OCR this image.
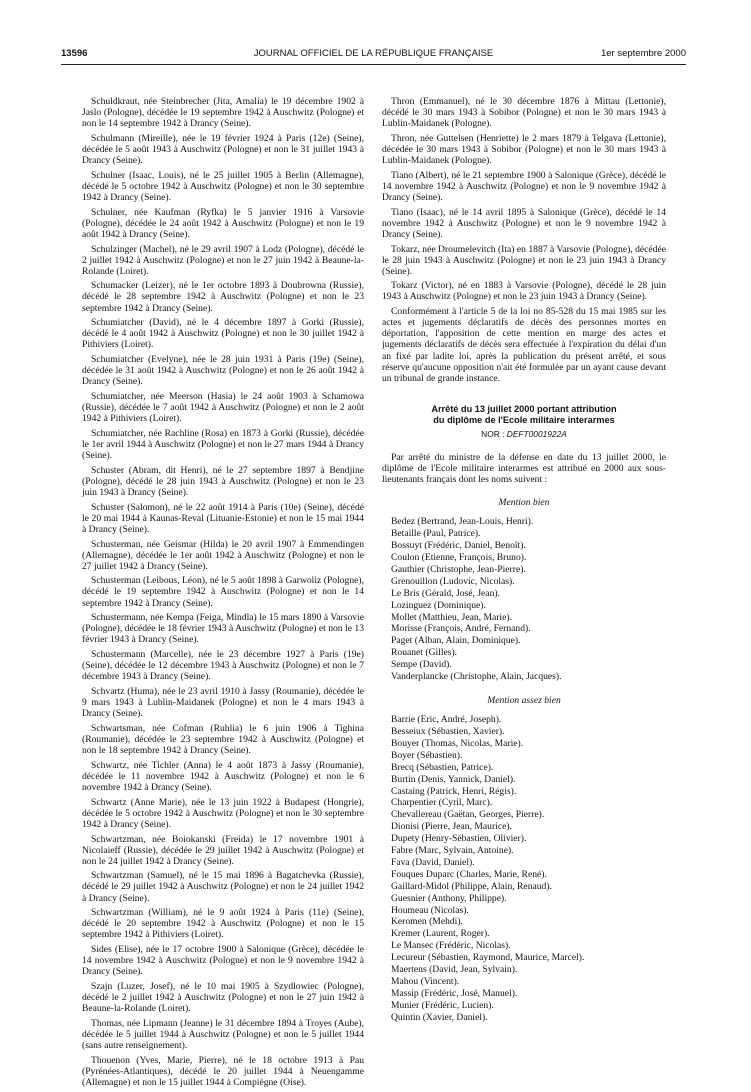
13596	JOURNAL OFFICIEL DE LA RÉPUBLIQUE FRANÇAISE	1er septembre 2000
Schuldkraut, née Steinbrecher (Jita, Amalia) le 19 décembre 1902 à Jaslo (Pologne), décédée le 19 septembre 1942 à Auschwitz (Pologne) et non le 14 septembre 1942 à Drancy (Seine).
Schulmann (Mireille), née le 19 février 1924 à Paris (12e) (Seine), décédée le 5 août 1943 à Auschwitz (Pologne) et non le 31 juillet 1943 à Drancy (Seine).
Schulner (Isaac, Louis), né le 25 juillet 1905 à Berlin (Allemagne), décédé le 5 octobre 1942 à Auschwitz (Pologne) et non le 30 septembre 1942 à Drancy (Seine).
Schulner, née Kaufman (Ryfka) le 5 janvier 1916 à Varsovie (Pologne), décédée le 24 août 1942 à Auschwitz (Pologne) et non le 19 août 1942 à Drancy (Seine).
Schulzinger (Machel), né le 29 avril 1907 à Lodz (Pologne), décédé le 2 juillet 1942 à Auschwitz (Pologne) et non le 27 juin 1942 à Beaune-la-Rolande (Loiret).
Schumacker (Leizer), né le 1er octobre 1893 à Doubrowna (Russie), décédé le 28 septembre 1942 à Auschwitz (Pologne) et non le 23 septembre 1942 à Drancy (Seine).
Schumiatcher (David), né le 4 décembre 1897 à Gorki (Russie), décédé le 4 août 1942 à Auschwitz (Pologne) et non le 30 juillet 1942 à Pithiviers (Loiret).
Schumiatcher (Evelyne), née le 28 juin 1931 à Paris (19e) (Seine), décédée le 31 août 1942 à Auschwitz (Pologne) et non le 26 août 1942 à Drancy (Seine).
Schumiatcher, née Meerson (Hasia) le 24 août 1903 à Schamowa (Russie), décédée le 7 août 1942 à Auschwitz (Pologne) et non le 2 août 1942 à Pithiviers (Loiret).
Schumiatcher, née Rachline (Rosa) en 1873 à Gorki (Russie), décédée le 1er avril 1944 à Auschwitz (Pologne) et non le 27 mars 1944 à Drancy (Seine).
Schuster (Abram, dit Henri), né le 27 septembre 1897 à Bendjine (Pologne), décédé le 28 juin 1943 à Auschwitz (Pologne) et non le 23 juin 1943 à Drancy (Seine).
Schuster (Salomon), né le 22 août 1914 à Paris (10e) (Seine), décédé le 20 mai 1944 à Kaunas-Reval (Lituanie-Estonie) et non le 15 mai 1944 à Drancy (Seine).
Schusterman, née Geismar (Hilda) le 20 avril 1907 à Emmendingen (Allemagne), décédée le 1er août 1942 à Auschwitz (Pologne) et non le 27 juillet 1942 à Drancy (Seine).
Schusterman (Leibous, Léon), né le 5 août 1898 à Garwoliz (Pologne), décédé le 19 septembre 1942 à Auschwitz (Pologne) et non le 14 septembre 1942 à Drancy (Seine).
Schustermann, née Kempa (Feiga, Mindla) le 15 mars 1890 à Varsovie (Pologne), décédée le 18 février 1943 à Auschwitz (Pologne) et non le 13 février 1943 à Drancy (Seine).
Schustermann (Marcelle), née le 23 décembre 1927 à Paris (19e) (Seine), décédée le 12 décembre 1943 à Auschwitz (Pologne) et non le 7 décembre 1943 à Drancy (Seine).
Schvartz (Huma), née le 23 avril 1910 à Jassy (Roumanie), décédée le 9 mars 1943 à Lublin-Maidanek (Pologne) et non le 4 mars 1943 à Drancy (Seine).
Schwartsman, née Cofman (Ruhlia) le 6 juin 1906 à Tighina (Roumanie), décédée le 23 septembre 1942 à Auschwitz (Pologne) et non le 18 septembre 1942 à Drancy (Seine).
Schwartz, née Tichler (Anna) le 4 août 1873 à Jassy (Roumanie), décédée le 11 novembre 1942 à Auschwitz (Pologne) et non le 6 novembre 1942 à Drancy (Seine).
Schwartz (Anne Marie), née le 13 juin 1922 à Budapest (Hongrie), décédée le 5 octobre 1942 à Auschwitz (Pologne) et non le 30 septembre 1942 à Drancy (Seine).
Schwartzman, née Boiokanski (Freida) le 17 novembre 1901 à Nicolaieff (Russie), décédée le 29 juillet 1942 à Auschwitz (Pologne) et non le 24 juillet 1942 à Drancy (Seine).
Schwartzman (Samuel), né le 15 mai 1896 à Bagatchevka (Russie), décédé le 29 juillet 1942 à Auschwitz (Pologne) et non le 24 juillet 1942 à Drancy (Seine).
Schwartzman (William), né le 9 août 1924 à Paris (11e) (Seine), décédé le 20 septembre 1942 à Auschwitz (Pologne) et non le 15 septembre 1942 à Pithiviers (Loiret).
Sides (Elise), née le 17 octobre 1900 à Salonique (Grèce), décédée le 14 novembre 1942 à Auschwitz (Pologne) et non le 9 novembre 1942 à Drancy (Seine).
Szajn (Luzer, Josef), né le 10 mai 1905 à Szydlowiec (Pologne), décédé le 2 juillet 1942 à Auschwitz (Pologne) et non le 27 juin 1942 à Beaune-la-Rolande (Loiret).
Thomas, née Lipmann (Jeanne) le 31 décembre 1894 à Troyes (Aube), décédée le 5 juillet 1944 à Auschwitz (Pologne) et non le 5 juillet 1944 (sans autre renseignement).
Thouenon (Yves, Marie, Pierre), né le 18 octobre 1913 à Pau (Pyrénées-Atlantiques), décédé le 20 juillet 1944 à Neuengamme (Allemagne) et non le 15 juillet 1944 à Compiègne (Oise).
Thron (Emmanuel), né le 30 décembre 1876 à Mittau (Lettonie), décédé le 30 mars 1943 à Sobibor (Pologne) et non le 30 mars 1943 à Lublin-Maidanek (Pologne).
Thron, née Guttelsen (Henriette) le 2 mars 1879 à Telgava (Lettonie), décédée le 30 mars 1943 à Sobibor (Pologne) et non le 30 mars 1943 à Lublin-Maidanek (Pologne).
Tiano (Albert), né le 21 septembre 1900 à Salonique (Grèce), décédé le 14 novembre 1942 à Auschwitz (Pologne) et non le 9 novembre 1942 à Drancy (Seine).
Tiano (Isaac), né le 14 avril 1895 à Salonique (Grèce), décédé le 14 novembre 1942 à Auschwitz (Pologne) et non le 9 novembre 1942 à Drancy (Seine).
Tokarz, née Droumelevitch (Ita) en 1887 à Varsovie (Pologne), décédée le 28 juin 1943 à Auschwitz (Pologne) et non le 23 juin 1943 à Drancy (Seine).
Tokarz (Victor), né en 1883 à Varsovie (Pologne), décédé le 28 juin 1943 à Auschwitz (Pologne) et non le 23 juin 1943 à Drancy (Seine).

Conformément à l'article 5 de la loi no 85-528 du 15 mai 1985 sur les actes et jugements déclaratifs de décès des personnes mortes en déportation, l'apposition de cette mention en marge des actes et jugements déclaratifs de décès sera effectuée à l'expiration du délai d'un an fixé par ladite loi, après la publication du présent arrêté, et sous réserve qu'aucune opposition n'ait été formulée par un ayant cause devant un tribunal de grande instance.

Arrêté du 13 juillet 2000 portant attribution
du diplôme de l'Ecole militaire interarmes
NOR : DEFT0001922A

Par arrêté du ministre de la défense en date du 13 juillet 2000, le diplôme de l'Ecole militaire interarmes est attribué en 2000 aux sous-lieutenants français dont les noms suivent :

Mention bien
Bedez (Bertrand, Jean-Louis, Henri).
Betaille (Paul, Patrice).
Bossuyt (Frédéric, Daniel, Benoît).
Coulon (Etienne, François, Bruno).
Gauthier (Christophe, Jean-Pierre).
Grenouillon (Ludovic, Nicolas).
Le Bris (Gérald, José, Jean).
Lozinguez (Dominique).
Mollet (Matthieu, Jean, Marie).
Morisse (François, André, Fernand).
Paget (Alban, Alain, Dominique).
Rouanet (Gilles).
Sempe (David).
Vanderplancke (Christophe, Alain, Jacques).
Mention assez bien
Barrie (Eric, André, Joseph).
Besseiux (Sébastien, Xavier).
Bouyer (Thomas, Nicolas, Marie).
Boyer (Sébastien).
Brecq (Sébastien, Patrice).
Burtin (Denis, Yannick, Daniel).
Castaing (Patrick, Henri, Régis).
Charpentier (Cyril, Marc).
Chevallereau (Gaëtan, Georges, Pierre).
Dionisi (Pierre, Jean, Maurice).
Dupety (Henry-Sébastien, Olivier).
Fabre (Marc, Sylvain, Antoine).
Fava (David, Daniel).
Fouques Duparc (Charles, Marie, René).
Gaillard-Midol (Philippe, Alain, Renaud).
Guesnier (Anthony, Philippe).
Houmeau (Nicolas).
Keromen (Mehdi).
Kremer (Laurent, Roger).
Le Mansec (Frédéric, Nicolas).
Lecureur (Sébastien, Raymond, Maurice, Marcel).
Maertens (David, Jean, Sylvain).
Mahou (Vincent).
Massip (Frédéric, José, Manuel).
Munier (Frédéric, Lucien).
Quintin (Xavier, Daniel).
